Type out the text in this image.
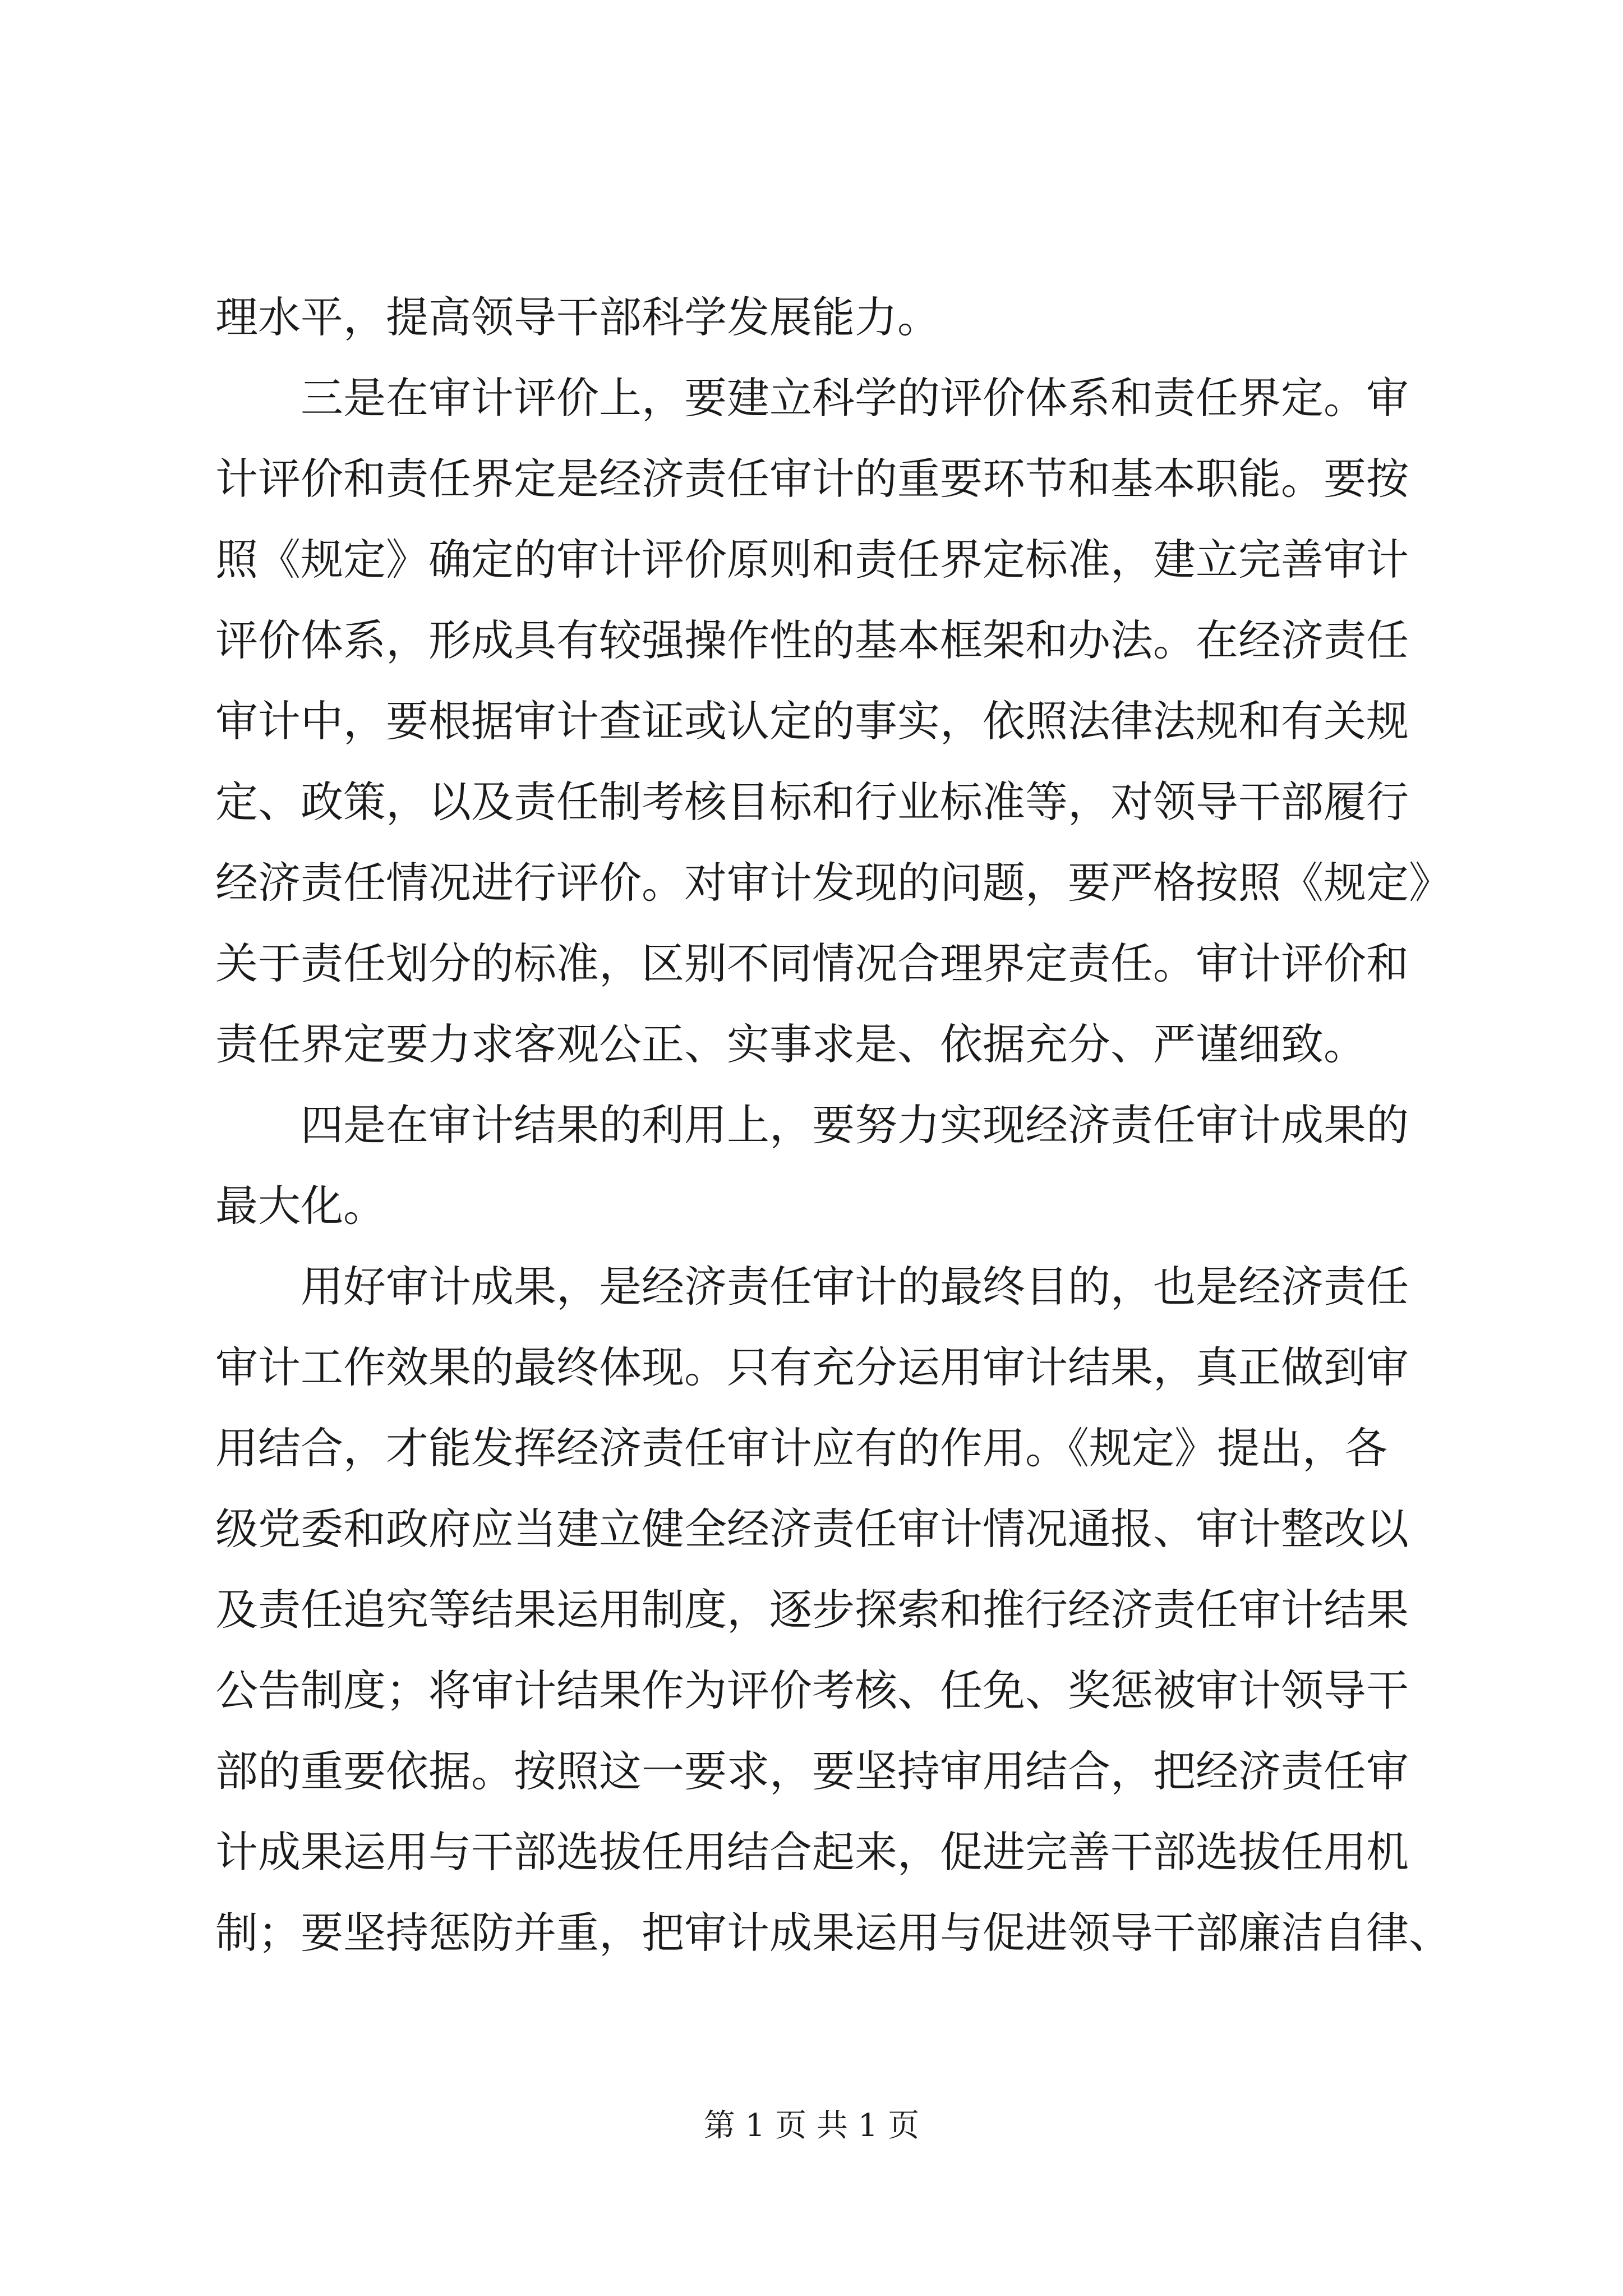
理水平，提高领导干部科学发展能力。
三是在审计评价上，要建立科学的评价体系和责任界定。审
计评价和责任界定是经济责任审计的重要环节和基本职能。要按
照《规定》确定的审计评价原则和责任界定标准，建立完善审计
评价体系，形成具有较强操作性的基本框架和办法。在经济责任
审计中，要根据审计查证或认定的事实，依照法律法规和有关规
定、政策，以及责任制考核目标和行业标准等，对领导干部履行
经济责任情况进行评价。对审计发现的问题，要严格按照《规定》
关于责任划分的标准，区别不同情况合理界定责任。审计评价和
责任界定要力求客观公正、实事求是、依据充分、严谨细致。
四是在审计结果的利用上，要努力实现经济责任审计成果的
最大化。
用好审计成果，是经济责任审计的最终目的，也是经济责任
审计工作效果的最终体现。只有充分运用审计结果，真正做到审
用结合，才能发挥经济责任审计应有的作用。《规定》提出，各
级党委和政府应当建立健全经济责任审计情况通报、审计整改以
及责任追究等结果运用制度，逐步探索和推行经济责任审计结果
公告制度；将审计结果作为评价考核、任免、奖惩被审计领导干
部的重要依据。按照这一要求，要坚持审用结合，把经济责任审
计成果运用与干部选拔任用结合起来，促进完善干部选拔任用机
制；要坚持惩防并重，把审计成果运用与促进领导干部廉洁自律、
第 1 页 共 1 页
